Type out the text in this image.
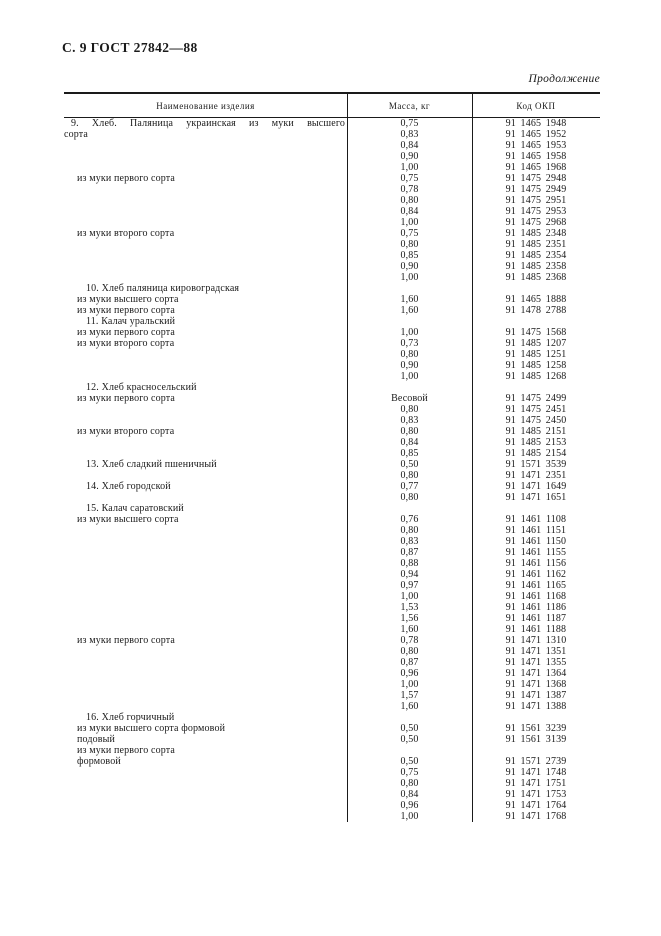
С. 9 ГОСТ 27842—88
Продолжение
Наименование изделия	Масса, кг	Код ОКП
9. Хлеб. Паляница украинская из муки высшего	0,75	91 1465 1948
сорта	0,83	91 1465 1952
0,84	91 1465 1953
0,90	91 1465 1958
1,00	91 1465 1968
из муки первого сорта	0,75	91 1475 2948
0,78	91 1475 2949
0,80	91 1475 2951
0,84	91 1475 2953
1,00	91 1475 2968
из муки второго сорта	0,75	91 1485 2348
0,80	91 1485 2351
0,85	91 1485 2354
0,90	91 1485 2358
1,00	91 1485 2368
10. Хлеб паляница кировоградская
из муки высшего сорта	1,60	91 1465 1888
из муки первого сорта	1,60	91 1478 2788
11. Калач уральский
из муки первого сорта	1,00	91 1475 1568
из муки второго сорта	0,73	91 1485 1207
0,80	91 1485 1251
0,90	91 1485 1258
1,00	91 1485 1268
12. Хлеб красносельский
из муки первого сорта	Весовой	91 1475 2499
0,80	91 1475 2451
0,83	91 1475 2450
из муки второго сорта	0,80	91 1485 2151
0,84	91 1485 2153
0,85	91 1485 2154
13. Хлеб сладкий пшеничный	0,50	91 1571 3539
0,80	91 1471 2351
14. Хлеб городской	0,77	91 1471 1649
0,80	91 1471 1651
15. Калач саратовский
из муки высшего сорта	0,76	91 1461 1108
0,80	91 1461 1151
0,83	91 1461 1150
0,87	91 1461 1155
0,88	91 1461 1156
0,94	91 1461 1162
0,97	91 1461 1165
1,00	91 1461 1168
1,53	91 1461 1186
1,56	91 1461 1187
1,60	91 1461 1188
из муки первого сорта	0,78	91 1471 1310
0,80	91 1471 1351
0,87	91 1471 1355
0,96	91 1471 1364
1,00	91 1471 1368
1,57	91 1471 1387
1,60	91 1471 1388
16. Хлеб горчичный
из муки высшего сорта формовой	0,50	91 1561 3239
подовый	0,50	91 1561 3139
из муки первого сорта
формовой	0,50	91 1571 2739
0,75	91 1471 1748
0,80	91 1471 1751
0,84	91 1471 1753
0,96	91 1471 1764
1,00	91 1471 1768
